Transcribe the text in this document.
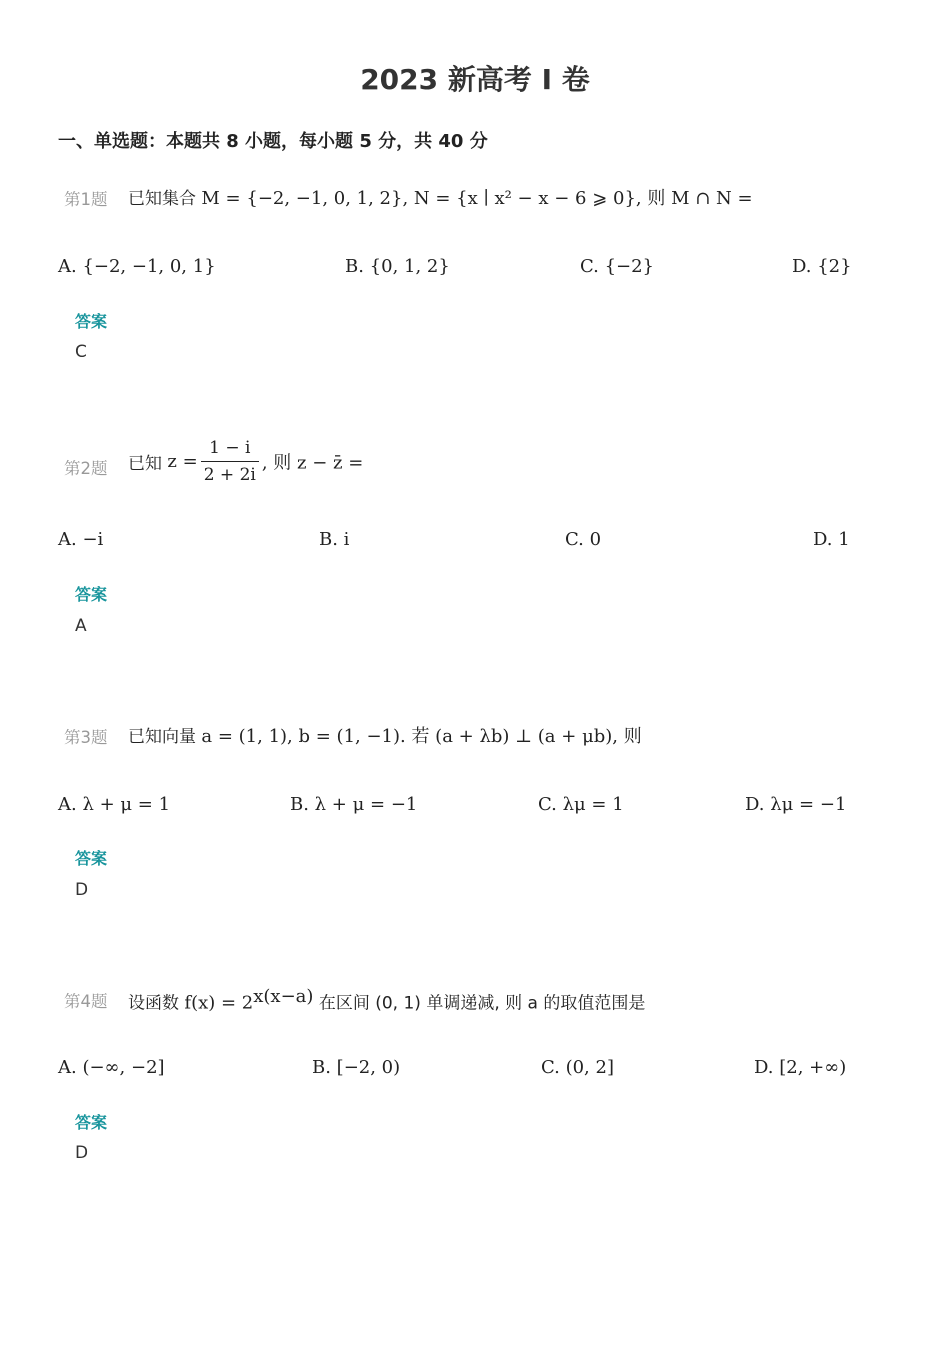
2023 新高考 I 卷
一、单选题：本题共 8 小题，每小题 5 分，共 40 分
第1题 已知集合 M = {−2, −1, 0, 1, 2}, N = {x ∣ x² − x − 6 ⩾ 0}, 则 M ∩ N =
A. {−2, −1, 0, 1}	B. {0, 1, 2}	C. {−2}	D. {2}
答案
C
第2题 已知 $z = \frac{1 - i}{2 + 2i}$ , 则 z − z̄ =
A. −i	B. i	C. 0	D. 1
答案
A
第3题 已知向量 a = (1, 1), b = (1, −1). 若 (a + λb) ⊥ (a + μb), 则
A. λ + μ = 1	B. λ + μ = −1	C. λμ = 1	D. λμ = −1
答案
D
第4题 设函数 $f(x) = 2^{x(x-a)}$ 在区间 (0, 1) 单调递减, 则 a 的取值范围是
A. (−∞, −2]	B. [−2, 0)	C. (0, 2]	D. [2, +∞)
答案
D
